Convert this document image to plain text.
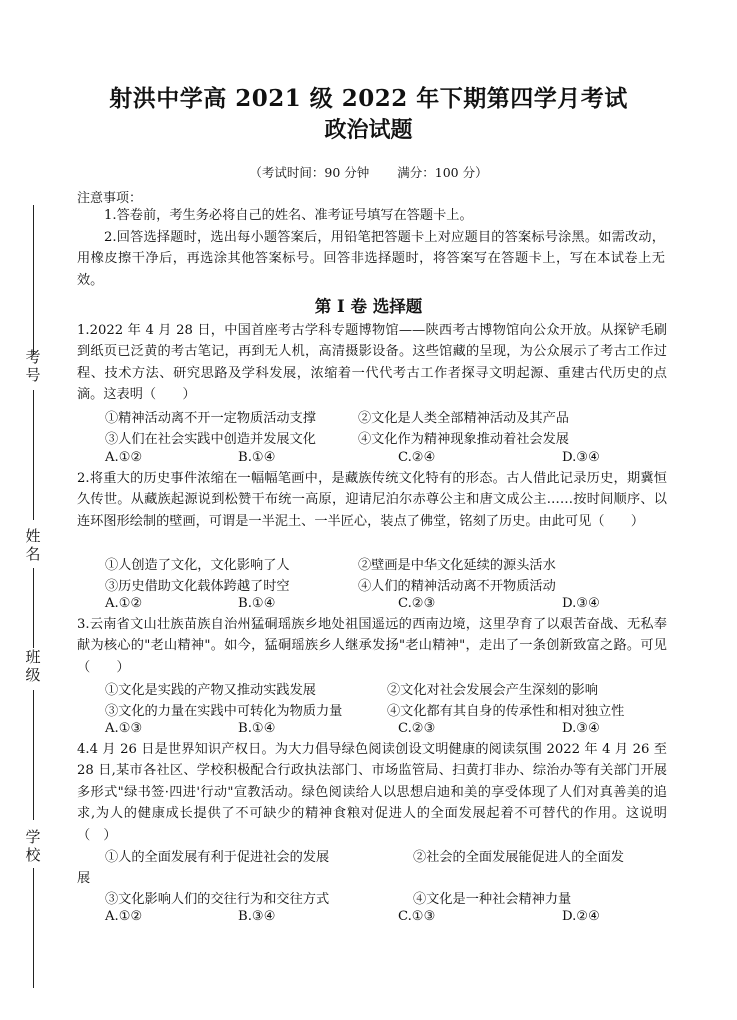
考号
姓名
班级
学校
射洪中学高 2021 级 2022 年下期第四学月考试
政治试题
（考试时间：90 分钟 满分：100 分）
注意事项：
1.答卷前，考生务必将自己的姓名、准考证号填写在答题卡上。
2.回答选择题时，选出每小题答案后，用铅笔把答题卡上对应题目的答案标号涂黑。如需改动，用橡皮擦干净后，再选涂其他答案标号。回答非选择题时，将答案写在答题卡上，写在本试卷上无效。
第 I 卷 选择题
1.2022 年 4 月 28 日，中国首座考古学科专题博物馆——陕西考古博物馆向公众开放。从探铲毛刷到纸页已泛黄的考古笔记，再到无人机，高清摄影设备。这些馆藏的呈现，为公众展示了考古工作过程、技术方法、研究思路及学科发展，浓缩着一代代考古工作者探寻文明起源、重建古代历史的点滴。这表明（　　）
①精神活动离不开一定物质活动支撑	②文化是人类全部精神活动及其产品
③人们在社会实践中创造并发展文化	④文化作为精神现象推动着社会发展
A.①②	B.①④	C.②④	D.③④
2.将重大的历史事件浓缩在一幅幅笔画中，是藏族传统文化特有的形态。古人借此记录历史，期冀恒久传世。从藏族起源说到松赞干布统一高原，迎请尼泊尔赤尊公主和唐文成公主……按时间顺序、以连环图形绘制的壁画，可谓是一半泥土、一半匠心，装点了佛堂，铭刻了历史。由此可见（　　）
①人创造了文化，文化影响了人	②壁画是中华文化延续的源头活水
③历史借助文化载体跨越了时空	④人们的精神活动离不开物质活动
A.①②	B.①④	C.②③	D.③④
3.云南省文山壮族苗族自治州猛硐瑶族乡地处祖国遥远的西南边境，这里孕育了以艰苦奋战、无私奉献为核心的"老山精神"。如今，猛硐瑶族乡人继承发扬"老山精神"，走出了一条创新致富之路。可见（　　）
①文化是实践的产物又推动实践发展	②文化对社会发展会产生深刻的影响
③文化的力量在实践中可转化为物质力量	④文化都有其自身的传承性和相对独立性
A.①③	B.①④	C.②③	D.③④
4.4 月 26 日是世界知识产权日。为大力倡导绿色阅读创设文明健康的阅读氛围 2022 年 4 月 26 至 28 日,某市各社区、学校积极配合行政执法部门、市场监管局、扫黄打非办、综治办等有关部门开展多形式"绿书签·四进'行动"宣教活动。绿色阅读给人以思想启迪和美的享受体现了人们对真善美的追求,为人的健康成长提供了不可缺少的精神食粮对促进人的全面发展起着不可替代的作用。这说明（　）
①人的全面发展有利于促进社会的发展	②社会的全面发展能促进人的全面发
展
③文化影响人们的交往行为和交往方式	④文化是一种社会精神力量
A.①②	B.③④	C.①③	D.②④
